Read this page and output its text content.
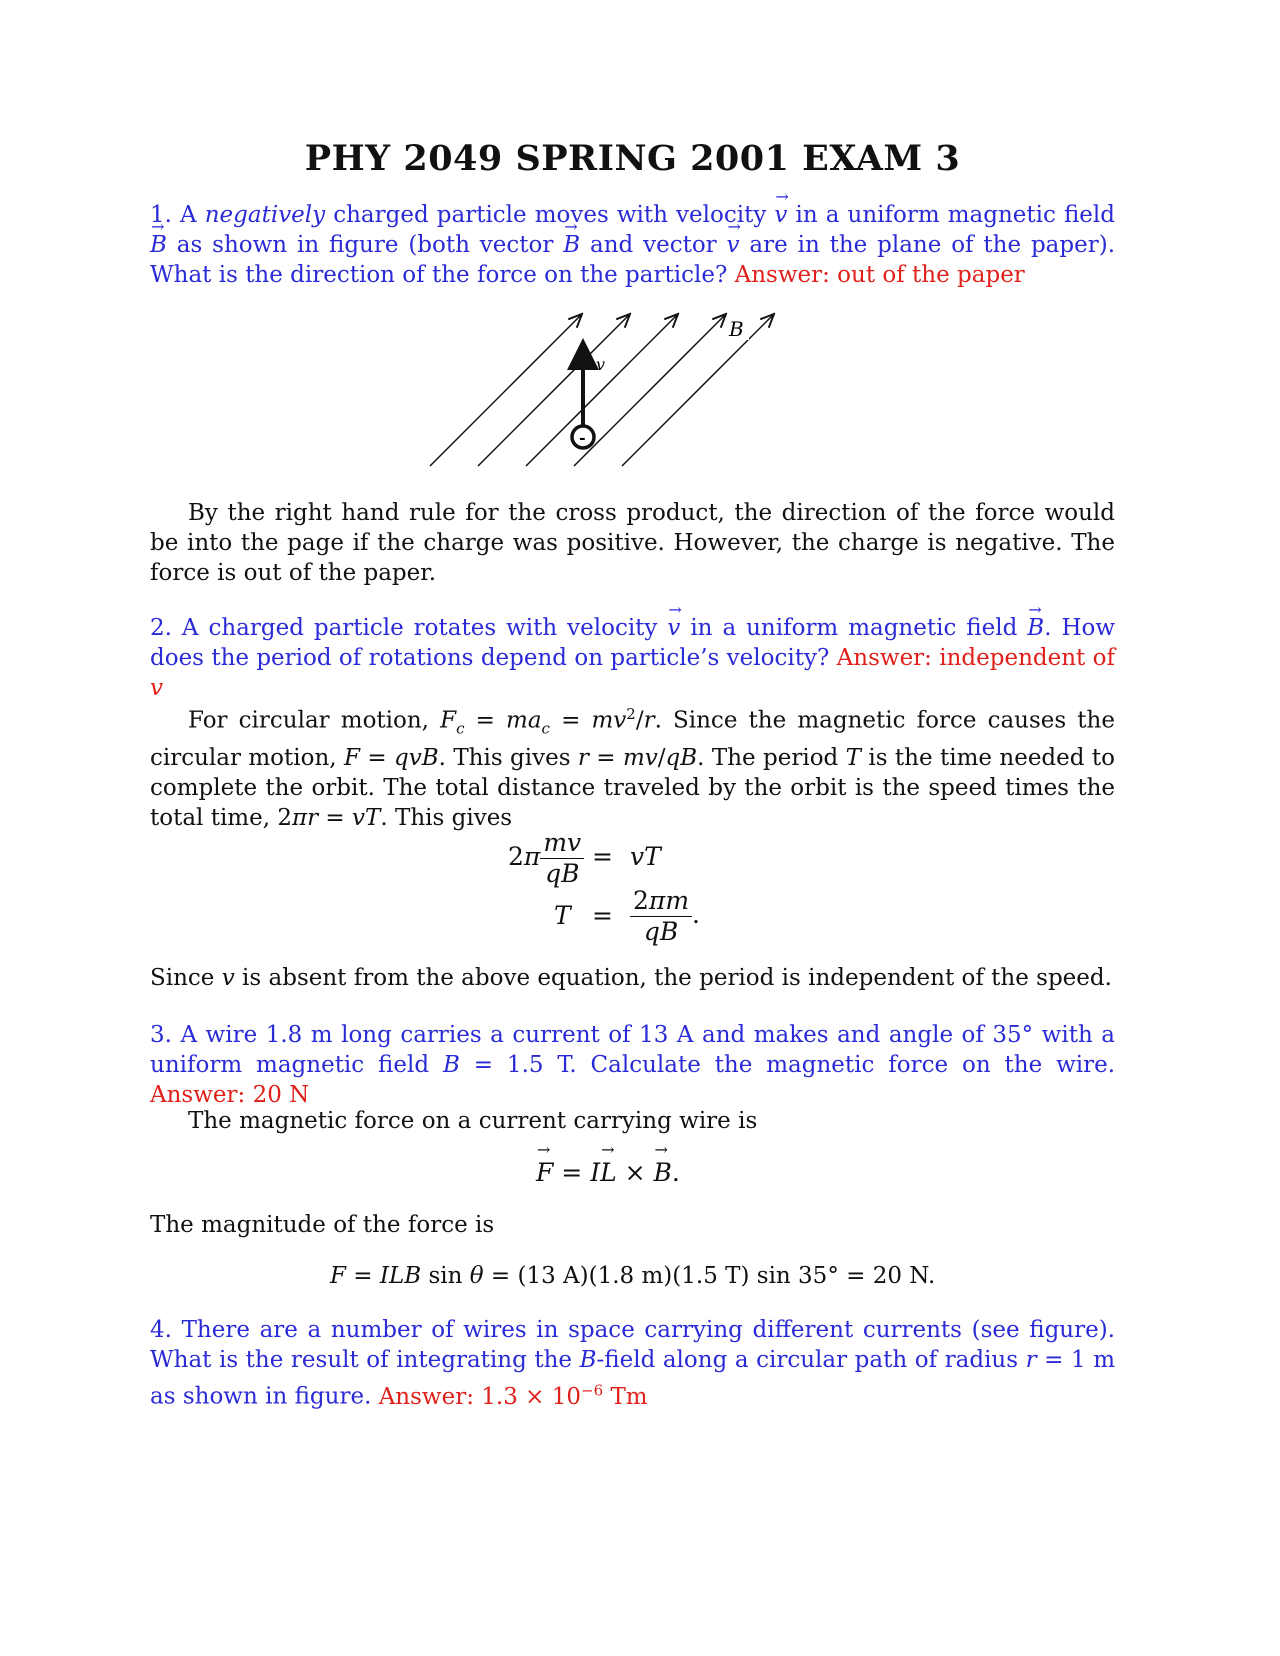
PHY 2049 SPRING 2001 EXAM 3
1. A negatively charged particle moves with velocity → v in a uniform magnetic field → B as shown in figure (both vector → B and vector → v are in the plane of the paper). What is the direction of the force on the particle? Answer: out of the paper
B
v
-
By the right hand rule for the cross product, the direction of the force would be into the page if the charge was positive. However, the charge is negative. The force is out of the paper.
2. A charged particle rotates with velocity → v in a uniform magnetic field → B. How does the period of rotations depend on particle’s velocity? Answer: independent of v
For circular motion, $F_c = ma_c = mv^2/r$. Since the magnetic force causes the circular motion, F = qvB. This gives r = mv/qB. The period T is the time needed to complete the orbit. The total distance traveled by the orbit is the speed times the total time, 2πr = vT. This gives
$2\pi \frac{mv}{qB}$ = vT
$T = \frac{2\pi m}{qB}$ .
Since v is absent from the above equation, the period is independent of the speed.
3. A wire 1.8 m long carries a current of 13 A and makes and angle of 35° with a uniform magnetic field B = 1.5 T. Calculate the magnetic force on the wire. Answer: 20 N
The magnetic force on a current carrying wire is
→ F = I→ L × → B.
The magnitude of the force is
F = ILB sin θ = (13 A)(1.8 m)(1.5 T) sin 35° = 20 N.
4. There are a number of wires in space carrying different currents (see figure). What is the result of integrating the B-field along a circular path of radius r = 1 m as shown in figure. Answer: $1.3 \times 10^{-6}$ Tm
